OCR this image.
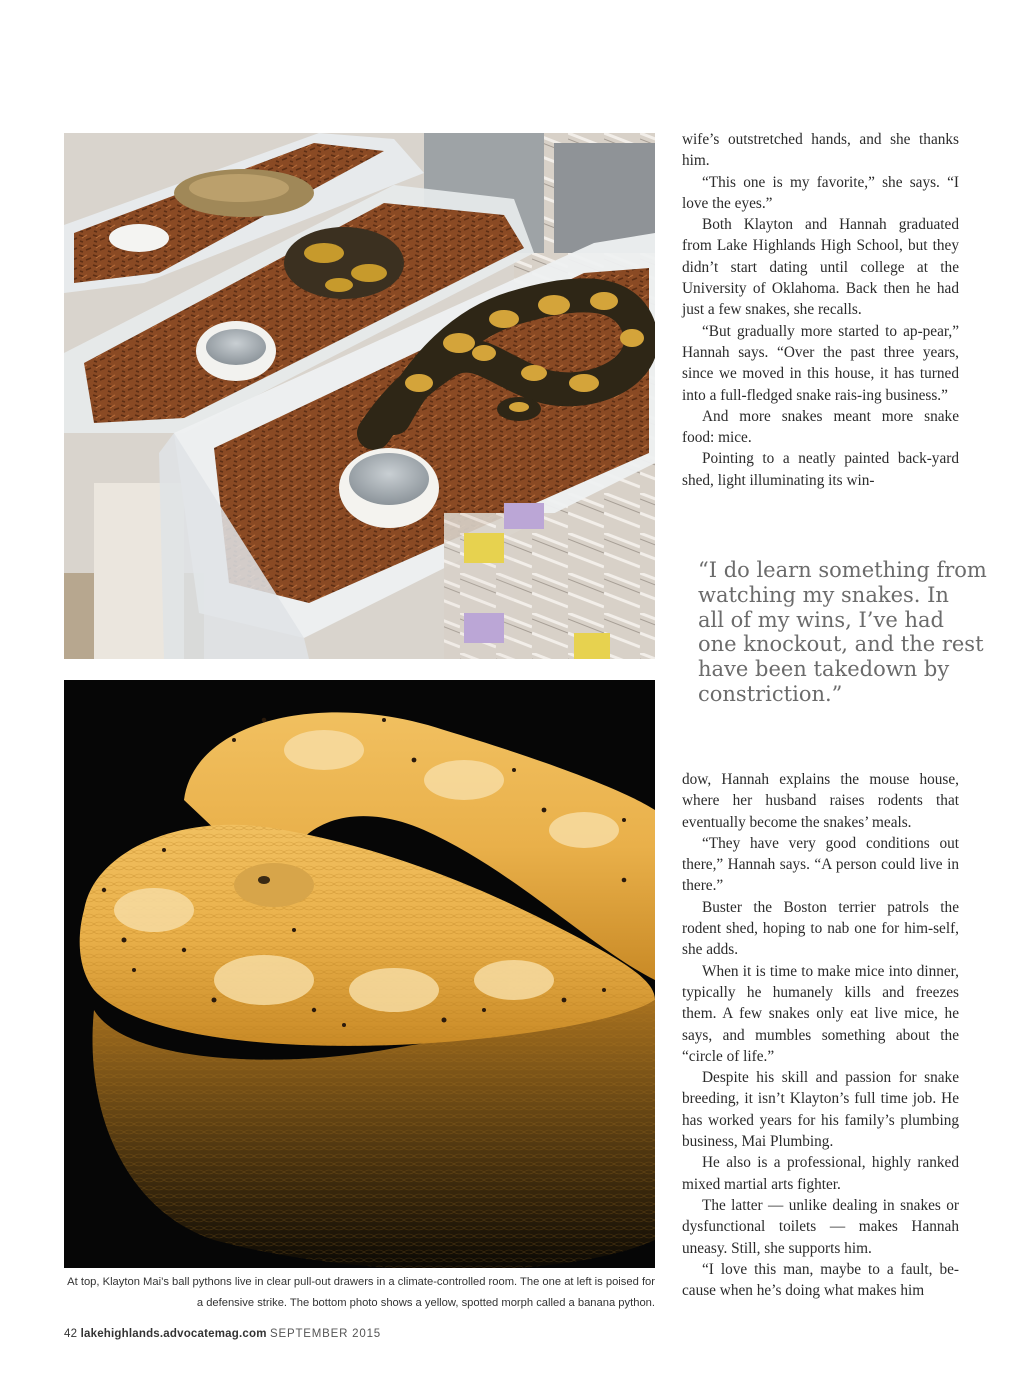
At top, Klayton Mai’s ball pythons live in clear pull-out drawers in a climate-controlled room. The one at left is poised for a defensive strike. The bottom photo shows a yellow, spotted morph called a banana python.

wife’s outstretched hands, and she thanks him.

“This one is my favorite,” she says. “I love the eyes.”

Both Klayton and Hannah graduated from Lake Highlands High School, but they didn’t start dating until college at the University of Oklahoma. Back then he had just a few snakes, she recalls.

“But gradually more started to ap-pear,” Hannah says. “Over the past three years, since we moved in this house, it has turned into a full-fledged snake rais-ing business.”

And more snakes meant more snake food: mice.

Pointing to a neatly painted back-yard shed, light illuminating its win-

“I do learn something from
watching my snakes. In
all of my wins, I’ve had
one knockout, and the rest
have been takedown by
constriction.”

dow, Hannah explains the mouse house, where her husband raises rodents that eventually become the snakes’ meals.

“They have very good conditions out there,” Hannah says. “A person could live in there.”

Buster the Boston terrier patrols the rodent shed, hoping to nab one for him-self, she adds.

When it is time to make mice into dinner, typically he humanely kills and freezes them. A few snakes only eat live mice, he says, and mumbles something about the “circle of life.”

Despite his skill and passion for snake breeding, it isn’t Klayton’s full time job. He has worked years for his family’s plumbing business, Mai Plumbing.

He also is a professional, highly ranked mixed martial arts fighter.

The latter — unlike dealing in snakes or dysfunctional toilets — makes Hannah uneasy. Still, she supports him.

“I love this man, maybe to a fault, be-cause when he’s doing what makes him

42 lakehighlands.advocatemag.com SEPTEMBER 2015
